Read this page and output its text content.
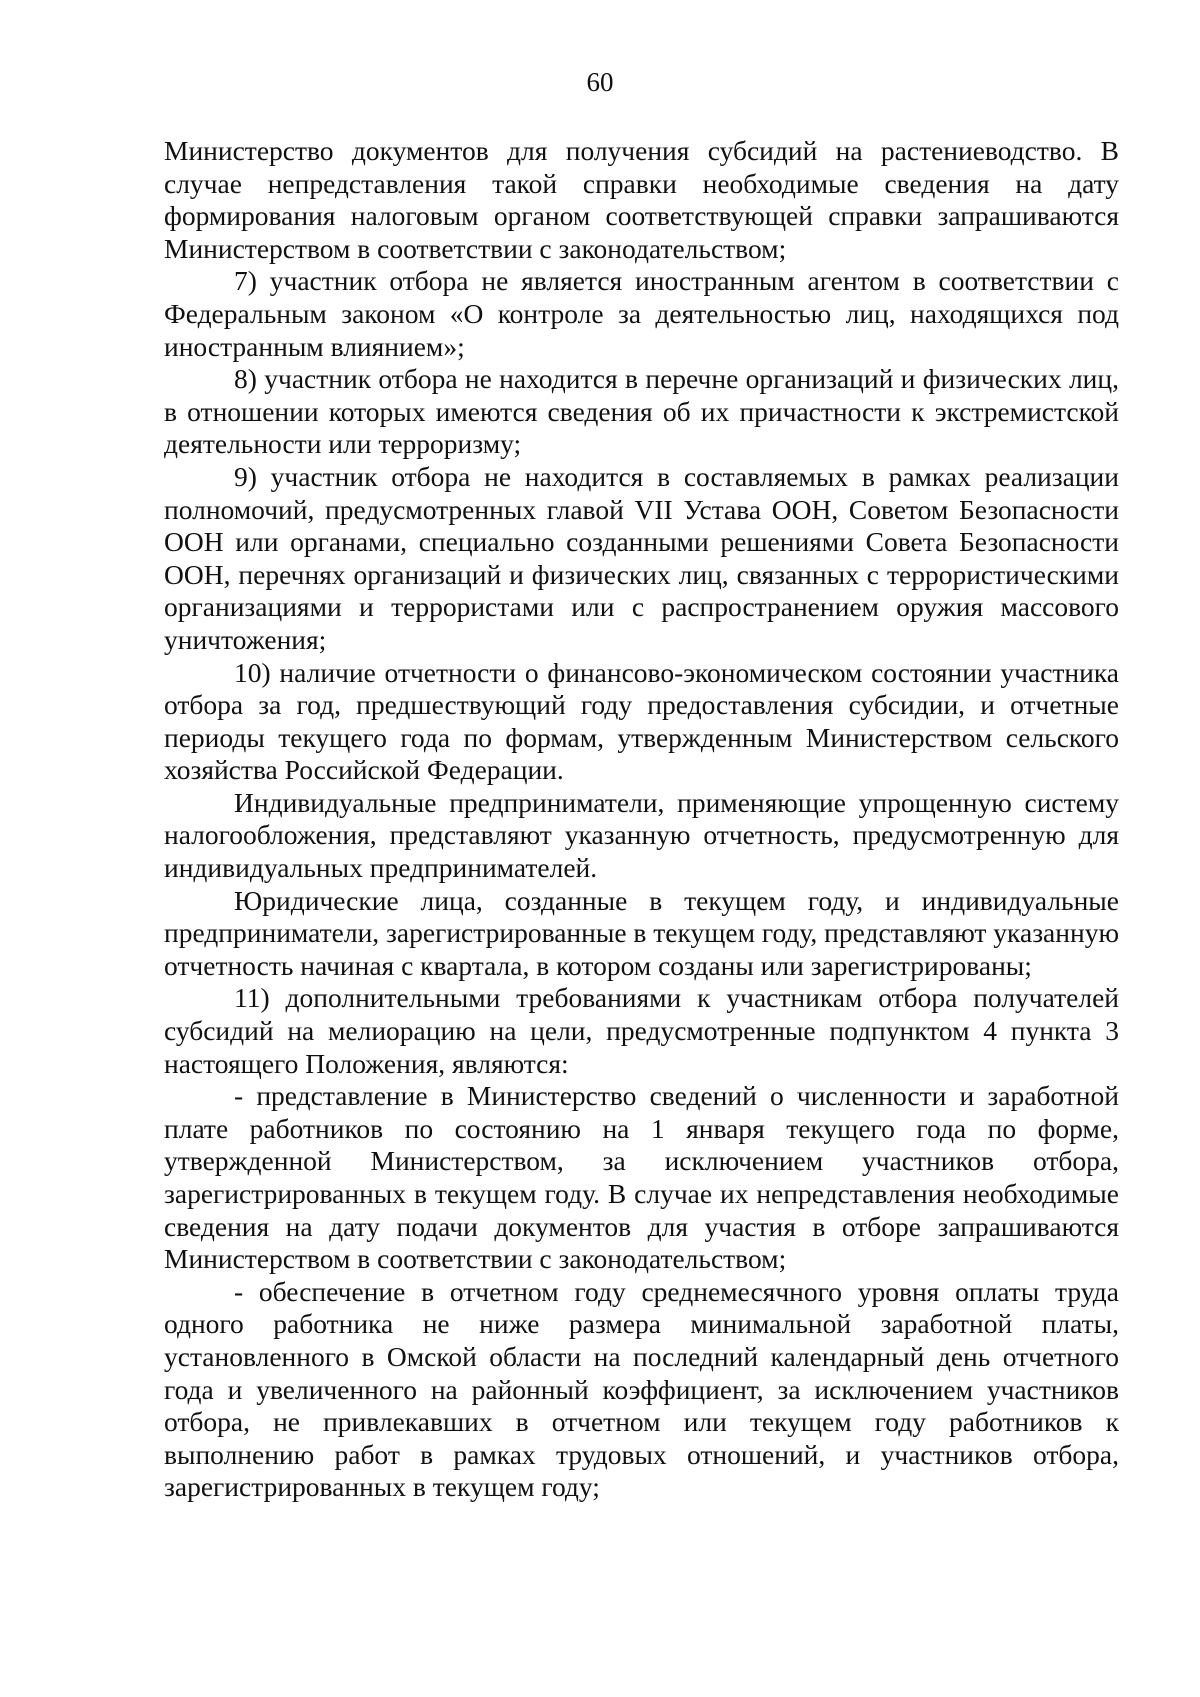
60

Министерство документов для получения субсидий на растениеводство. В случае непредставления такой справки необходимые сведения на дату формирования налоговым органом соответствующей справки запрашиваются Министерством в соответствии с законодательством;

7) участник отбора не является иностранным агентом в соответствии с Федеральным законом «О контроле за деятельностью лиц, находящихся под иностранным влиянием»;

8) участник отбора не находится в перечне организаций и физических лиц, в отношении которых имеются сведения об их причастности к экстремистской деятельности или терроризму;

9) участник отбора не находится в составляемых в рамках реализации полномочий, предусмотренных главой VII Устава ООН, Советом Безопасности ООН или органами, специально созданными решениями Совета Безопасности ООН, перечнях организаций и физических лиц, связанных с террористическими организациями и террористами или с распространением оружия массового уничтожения;

10) наличие отчетности о финансово-экономическом состоянии участника отбора за год, предшествующий году предоставления субсидии, и отчетные периоды текущего года по формам, утвержденным Министерством сельского хозяйства Российской Федерации.

Индивидуальные предприниматели, применяющие упрощенную систему налогообложения, представляют указанную отчетность, предусмотренную для индивидуальных предпринимателей.

Юридические лица, созданные в текущем году, и индивидуальные предприниматели, зарегистрированные в текущем году, представляют указанную отчетность начиная с квартала, в котором созданы или зарегистрированы;

11) дополнительными требованиями к участникам отбора получателей субсидий на мелиорацию на цели, предусмотренные подпунктом 4 пункта 3 настоящего Положения, являются:

- представление в Министерство сведений о численности и заработной плате работников по состоянию на 1 января текущего года по форме, утвержденной Министерством, за исключением участников отбора, зарегистрированных в текущем году. В случае их непредставления необходимые сведения на дату подачи документов для участия в отборе запрашиваются Министерством в соответствии с законодательством;

- обеспечение в отчетном году среднемесячного уровня оплаты труда одного работника не ниже размера минимальной заработной платы, установленного в Омской области на последний календарный день отчетного года и увеличенного на районный коэффициент, за исключением участников отбора, не привлекавших в отчетном или текущем году работников к выполнению работ в рамках трудовых отношений, и участников отбора, зарегистрированных в текущем году;
